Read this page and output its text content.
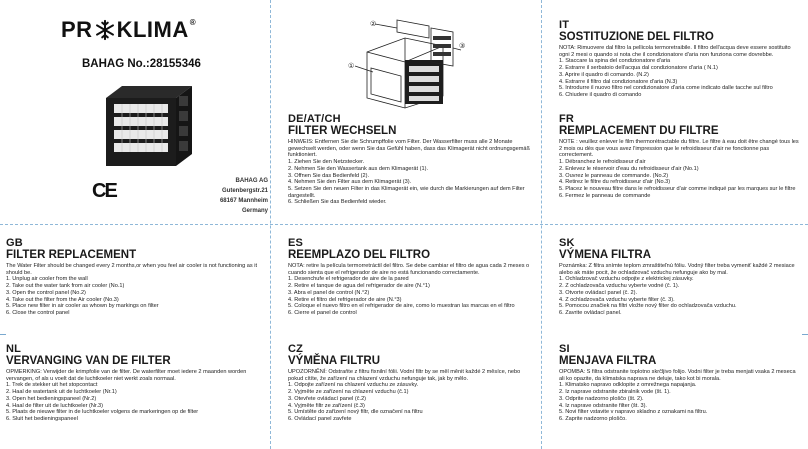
PR KLIMA ®
BAHAG No.:28155346
CE	BAHAG AG
Gutenbergstr.21
68167 Mannheim
Germany
②
③
①
DE/AT/CH
FILTER WECHSELN

HINWEIS: Entfernen Sie die Schrumpffolie vom Filter. Der Wasserfilter muss alle 2 Monate gewechselt werden, oder wenn Sie das Gefühl haben, dass das Klimagerät nicht ordnungsgemäß funktioniert.

1. Ziehen Sie den Netzstecker.
2. Nehmen Sie den Wassertank aus dem Klimagerät (1).
3. Öffnen Sie das Bedienfeld (2).
4. Nehmen Sie den Filter aus dem Klimagerät (3).
5. Setzen Sie den neuen Filter in das Klimagerät ein, wie durch die Markierungen auf dem Filter dargestellt.
6. Schließen Sie das Bedienfeld wieder.
IT
SOSTITUZIONE DEL FILTRO

NOTA: Rimuovere dal filtro la pellicola termoretraibile. Il filtro dell'acqua deve essere sostituito ogni 2 mesi o quando si nota che il condizionatore d'aria non funziona come dovrebbe.

1. Staccare la spina del condizionatore d'aria
2. Estrarre il serbatoio dell'acqua dal condizionatore d'aria ( N.1)
3. Aprire il quadro di comando. (N.2)
4. Estrarre il filtro dal condizionatore d'aria (N.3)
5. Introdurre il nuovo filtro nel condizionatore d'aria come indicato dalle tacche sul filtro
6. Chiudere il quadro di comando
FR
REMPLACEMENT DU FILTRE

NOTE : veuillez enlever le film thermorétractable du filtre. Le filtre à eau doit être changé tous les 2 mois ou dès que vous avez l'impression que le refroidisseur d'air ne fonctionne pas correctement.

1. Débranchez le refroidisseur d'air
2. Enlevez le réservoir d'eau du refroidisseur d'air (No.1)
3. Ouvrez le panneau de commande. (No.2)
4. Retirez le filtre du refroidisseur d'air (No.3)
5. Placez le nouveau filtre dans le refroidisseur d'air comme indiqué par les marques sur le filtre
6. Fermez le panneau de commande
GB
FILTER REPLACEMENT

The Water Filter should be changed every 2 months,or when you feel air cooler is not functioning as it should be.

1. Unplug air cooler from the wall
2. Take out the water tank from air cooler (No.1)
3. Open the control panel (No.2)
4. Take out the filter from the Air cooler (No.3)
5. Place new filter in air cooler as whown by markings on filter
6. Close the control panel
ES
REEMPLAZO DEL FILTRO

NOTA: retire la película termorretráctil del filtro. Se debe cambiar el filtro de agua cada 2 meses o cuando sienta que el refrigerador de aire no está funcionando correctamente.

1. Desenchufe el refrigerador de aire de la pared
2. Retire el tanque de agua del refrigerador de aire (N.°1)
3. Abra el panel de control (N.°2)
4. Retire el filtro del refrigerador de aire (N.°3)
5. Coloque el nuevo filtro en el refrigerador de aire, como lo muestran las marcas en el filtro
6. Cierre el panel de control
SK
VÝMENA FILTRA

Poznámka: Z filtra snímte teplom zmraštiteľnú fóliu. Vodný filter treba vymeniť každé 2 mesiace alebo ak máte pocit, že ochladzovač vzduchu nefunguje ako by mal.

1. Ochladzovač vzduchu odpojte z elektrickej zásuvky.
2. Z ochladzovača vzduchu vyberte vodné (č. 1).
3. Otvorte ovládací panel (č. 2).
4. Z ochladzovača vzduchu vyberte filter (č. 3).
5. Pomocou značiek na filtri vložte nový filter do ochladzovača vzduchu.
6. Zavrite ovládací panel.
NL
VERVANGING VAN DE FILTER

OPMERKING: Verwijder de krimpfolie van de filter. De waterfilter moet iedere 2 maanden worden vervangen, of als u voelt dat de luchtkoeler niet werkt zoals normaal.

1. Trek de stekker uit het stopcontact
2. Haal de watertank uit de luchtkoeler (Nr.1)
3. Open het bedieningspaneel (Nr.2)
4. Haal de filter uit de luchtkoeler (Nr.3)
5. Plaats de nieuwe filter in de luchtkoeler volgens de markeringen op de filter
6. Sluit het bedieningspaneel
CZ
VÝMĚNA FILTRU

UPOZORNĚNÍ: Odstraňte z filtru fixnilní fólii. Vodní filtr by se měl měnit každé 2 měsíce, nebo pokud cítíte, že zařízení na chlazení vzduchu nefunguje tak, jak by mělo.

1. Odpojte zařízení na chlazení vzduchu ze zásuvky.
2. Vyjměte ze zařízení na chlazení vzduchu (č.1)
3. Otevřete ovládací panel (č.2)
4. Vyjměte filtr ze zařízení (č.3)
5. Umístěte do zařízení nový filtr, dle označení na filtru
6. Ovládací panel zavřete
SI
MENJAVA FILTRA

OPOMBA: S filtra odstranite toplotno skrčljivo folijo. Vodni filter je treba menjati vsaka 2 meseca ali ko opazite, da klimatska naprava ne deluje, tako kot bi morala.

1. Klimatsko napravo odklopite z omrežnega napajanja.
2. Iz naprave odstranite zbiralnik vode (št. 1).
3. Odprite nadzorno ploščo (št. 2).
4. Iz naprave odstranite filter (št. 3).
5. Novi filter vstavite v napravo skladno z oznakami na filtru.
6. Zaprite nadzorno ploščo.
